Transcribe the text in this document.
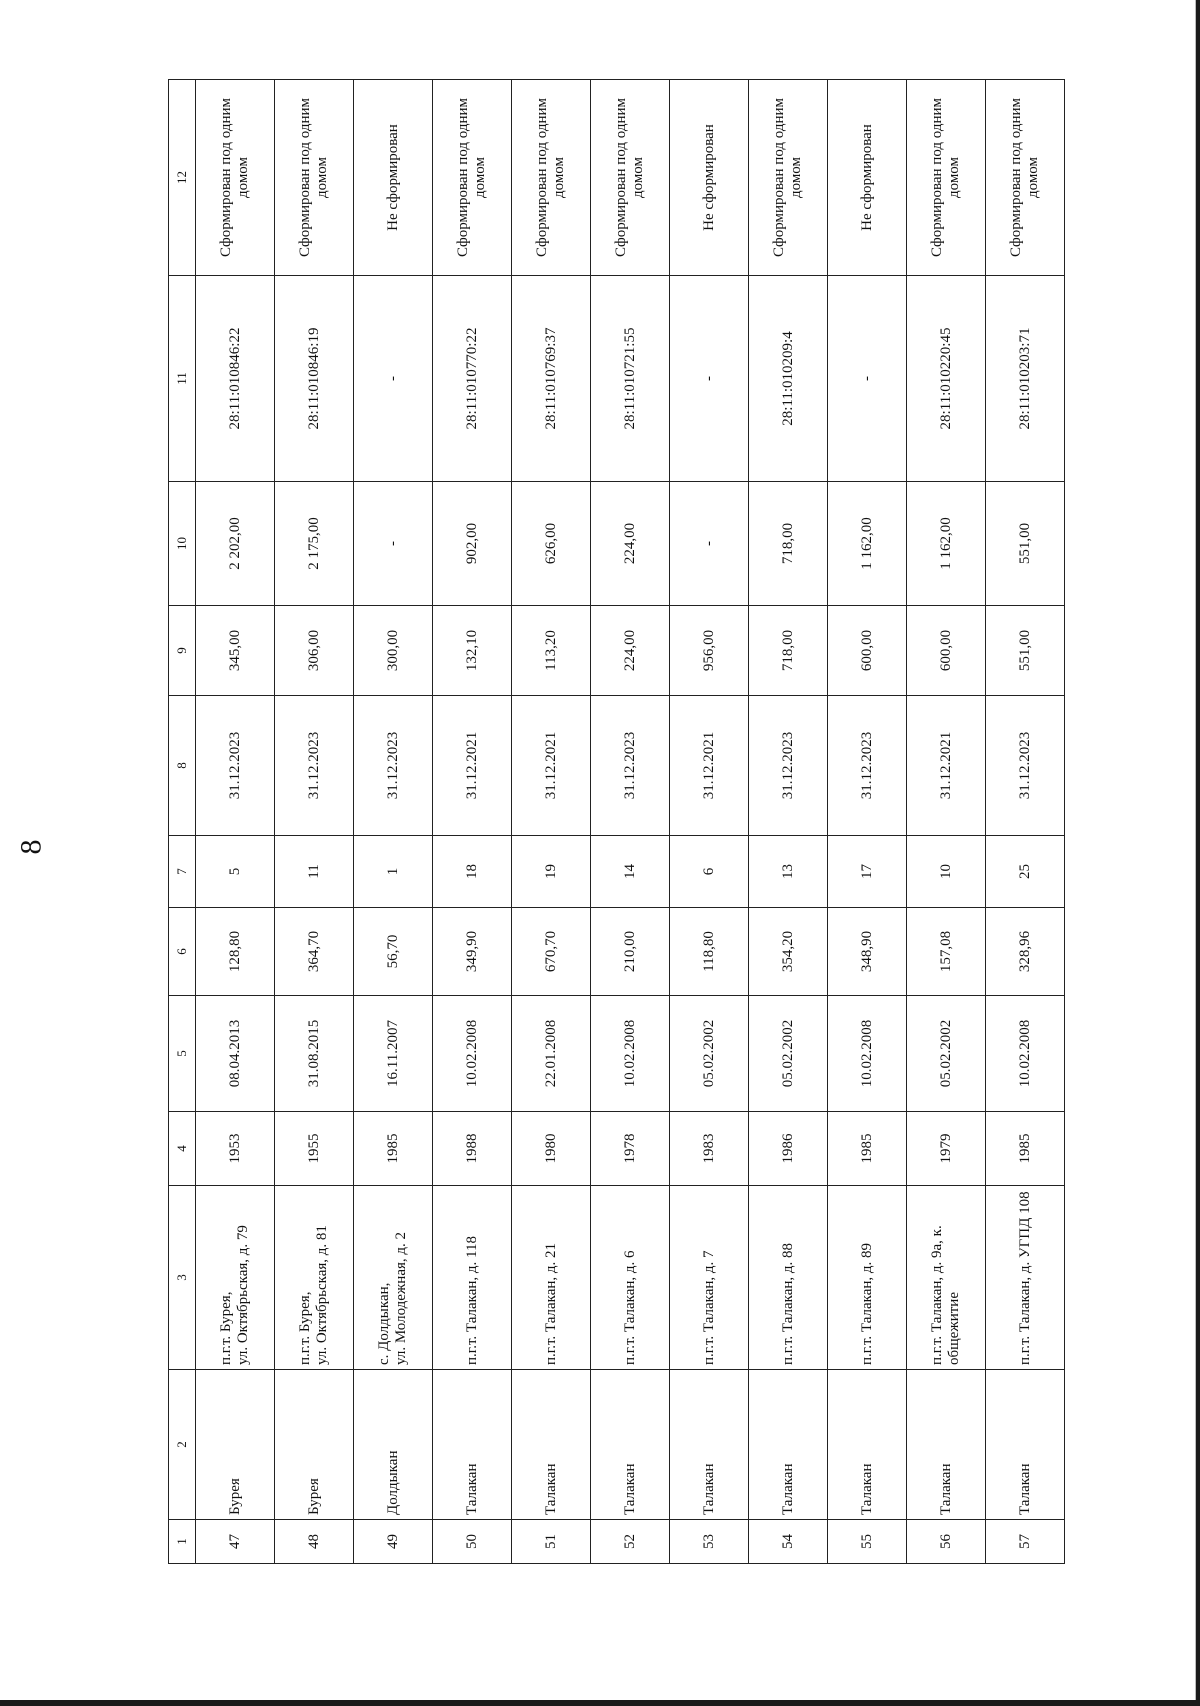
8
1	2	3	4	5	6	7	8	9	10	11	12
47	Бурея	п.г.т. Бурея,
ул. Октябрьская, д. 79	1953	08.04.2013	128,80	5	31.12.2023	345,00	2 202,00	28:11:010846:22	Сформирован под одним домом
48	Бурея	п.г.т. Бурея,
ул. Октябрьская, д. 81	1955	31.08.2015	364,70	11	31.12.2023	306,00	2 175,00	28:11:010846:19	Сформирован под одним домом
49	Долдыкан	с. Долдыкан,
ул. Молодежная, д. 2	1985	16.11.2007	56,70	1	31.12.2023	300,00	-	-	Не сформирован
50	Талакан	п.г.т. Талакан, д. 118	1988	10.02.2008	349,90	18	31.12.2021	132,10	902,00	28:11:010770:22	Сформирован под одним домом
51	Талакан	п.г.т. Талакан, д. 21	1980	22.01.2008	670,70	19	31.12.2021	113,20	626,00	28:11:010769:37	Сформирован под одним домом
52	Талакан	п.г.т. Талакан, д. 6	1978	10.02.2008	210,00	14	31.12.2023	224,00	224,00	28:11:010721:55	Сформирован под одним домом
53	Талакан	п.г.т. Талакан, д. 7	1983	05.02.2002	118,80	6	31.12.2021	956,00	-	-	Не сформирован
54	Талакан	п.г.т. Талакан, д. 88	1986	05.02.2002	354,20	13	31.12.2023	718,00	718,00	28:11:010209:4	Сформирован под одним домом
55	Талакан	п.г.т. Талакан, д. 89	1985	10.02.2008	348,90	17	31.12.2023	600,00	1 162,00	-	Не сформирован
56	Талакан	п.г.т. Талакан, д. 9а, к. общежитие	1979	05.02.2002	157,08	10	31.12.2021	600,00	1 162,00	28:11:010220:45	Сформирован под одним домом
57	Талакан	п.г.т. Талакан, д. УГПД 108	1985	10.02.2008	328,96	25	31.12.2023	551,00	551,00	28:11:010203:71	Сформирован под одним домом
